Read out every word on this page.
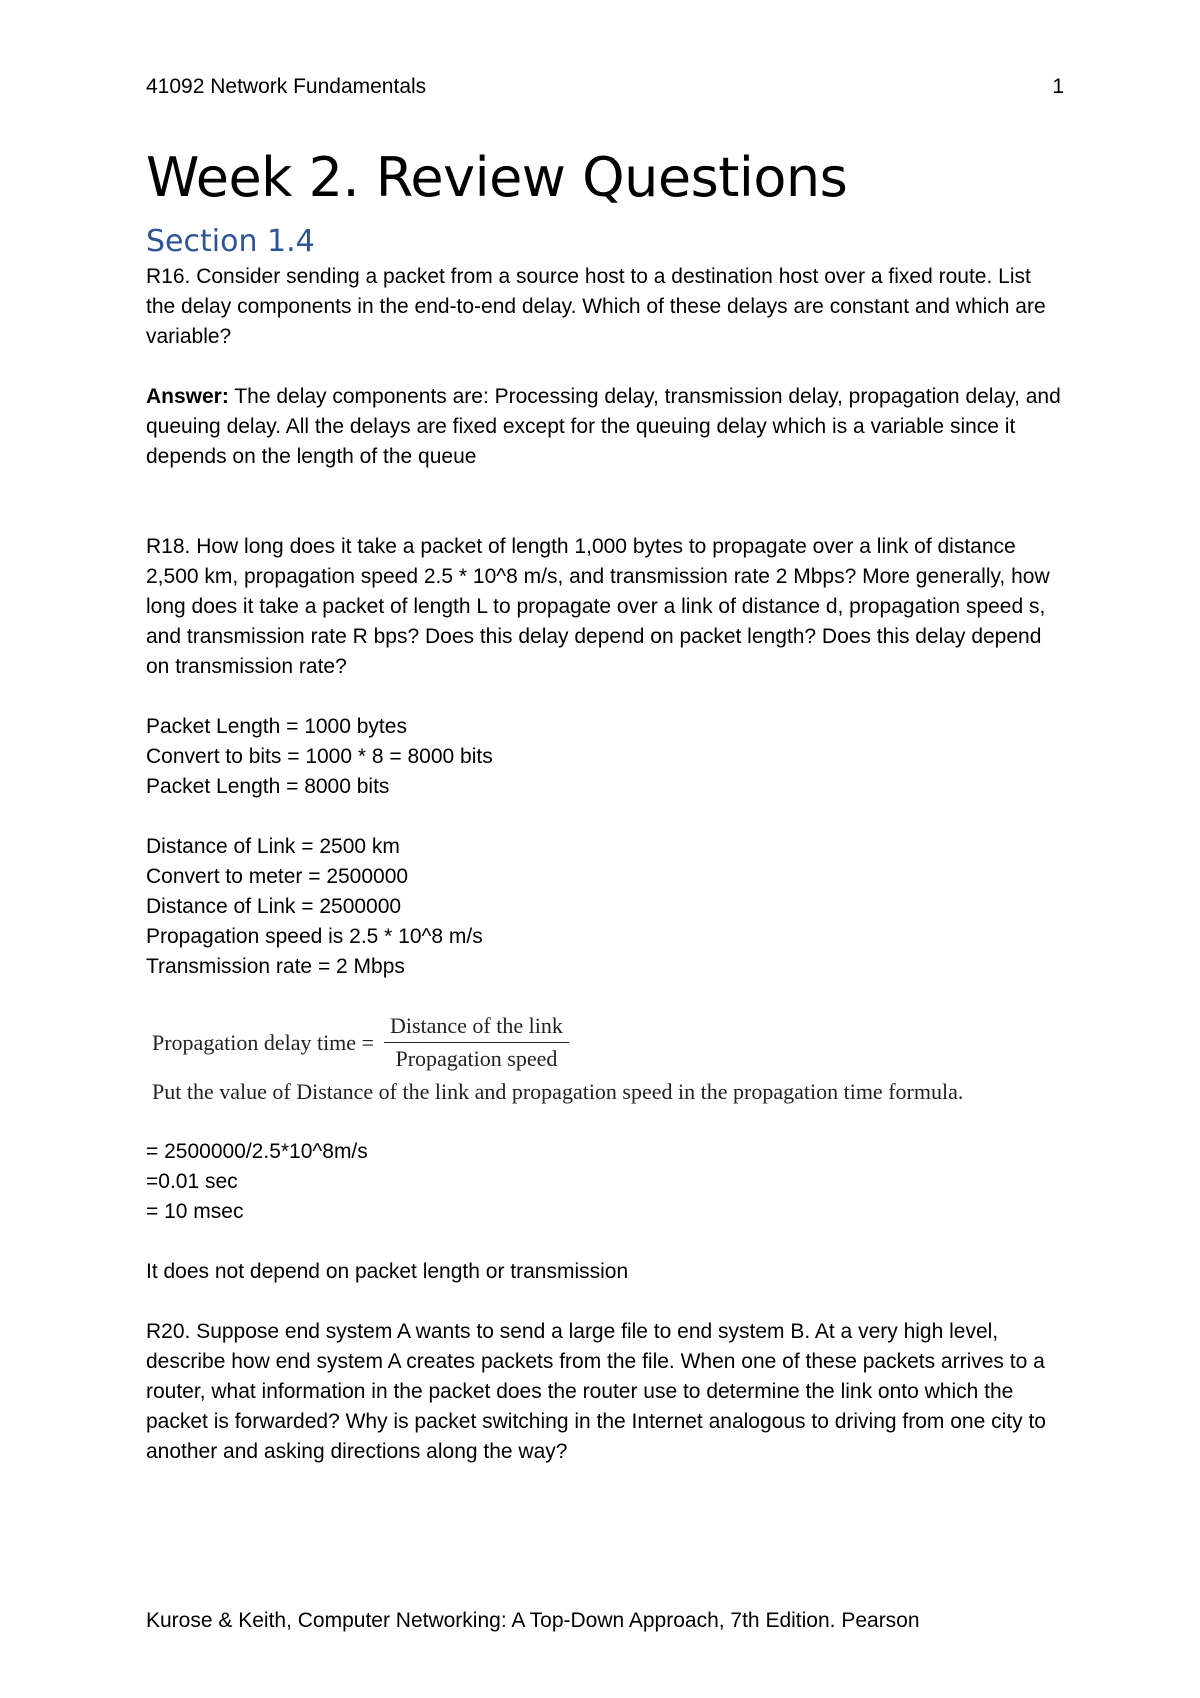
41092 Network Fundamentals	1
Week 2. Review Questions
Section 1.4

R16. Consider sending a packet from a source host to a destination host over a fixed route. List the delay components in the end-to-end delay. Which of these delays are constant and which are variable?

Answer: The delay components are: Processing delay, transmission delay, propagation delay, and queuing delay. All the delays are fixed except for the queuing delay which is a variable since it depends on the length of the queue

R18. How long does it take a packet of length 1,000 bytes to propagate over a link of distance 2,500 km, propagation speed 2.5 * 10^8 m/s, and transmission rate 2 Mbps? More generally, how long does it take a packet of length L to propagate over a link of distance d, propagation speed s, and transmission rate R bps? Does this delay depend on packet length? Does this delay depend on transmission rate?

Packet Length = 1000 bytes

Convert to bits = 1000 * 8 = 8000 bits

Packet Length = 8000 bits

Distance of Link = 2500 km

Convert to meter = 2500000

Distance of Link = 2500000

Propagation speed is 2.5 * 10^8 m/s

Transmission rate = 2 Mbps

Propagation delay time = $\frac{\text{Distance of the link}}{\text{Propagation speed}}$
Put the value of Distance of the link and propagation speed in the propagation time formula.

= 2500000/2.5*10^8m/s

=0.01 sec

= 10 msec

It does not depend on packet length or transmission

R20. Suppose end system A wants to send a large file to end system B. At a very high level, describe how end system A creates packets from the file. When one of these packets arrives to a router, what information in the packet does the router use to determine the link onto which the packet is forwarded? Why is packet switching in the Internet analogous to driving from one city to another and asking directions along the way?

Kurose & Keith, Computer Networking: A Top-Down Approach, 7th Edition. Pearson
